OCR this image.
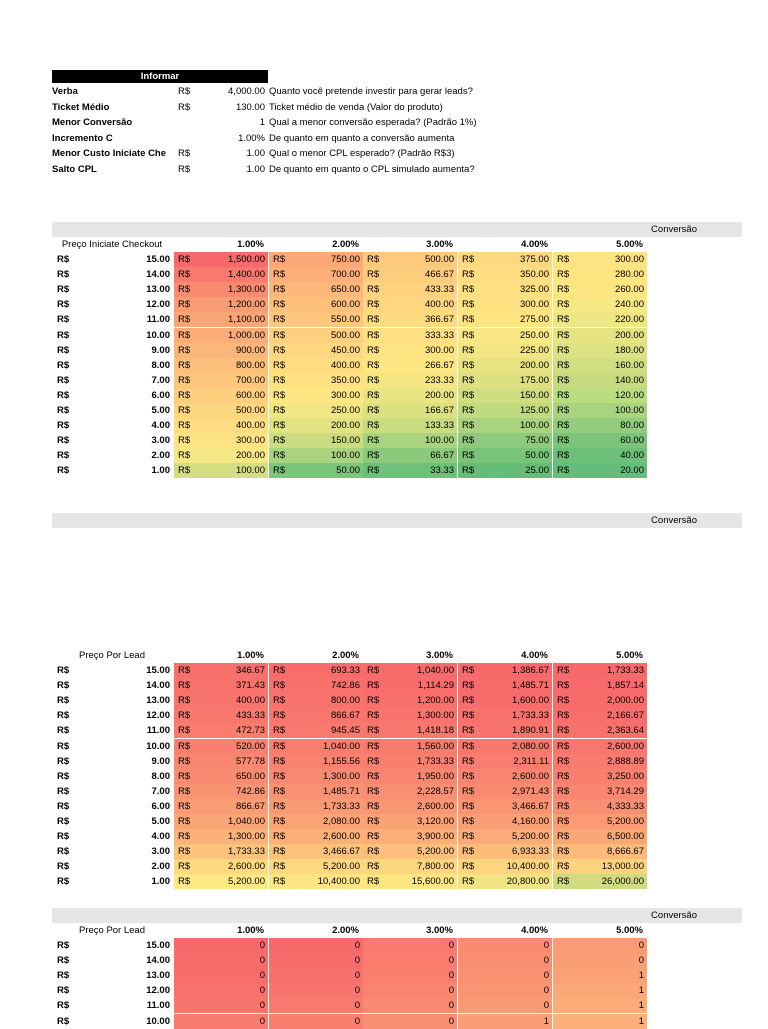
Informar
Verba	R$	4,000.00 Quanto você pretende investir para gerar leads?
Ticket Médio	R$	130.00 Ticket médio de venda (Valor do produto)
Menor Conversão	1 Qual a menor conversão esperada? (Padrão 1%)
Incremento C	1.00% De quanto em quanto a conversão aumenta
Menor Custo Iniciate Che	R$	1.00 Qual o menor CPL esperado? (Padrão R$3)
Salto CPL	R$	1.00 De quanto em quanto o CPL simulado aumenta?
Conversão
Preço Iniciate Checkout	1.00%	2.00%	3.00%	4.00%	5.00%
R$	15.00 R$	1,500.00 R$	750.00 R$	500.00 R$	375.00 R$	300.00
R$	14.00 R$	1,400.00 R$	700.00 R$	466.67 R$	350.00 R$	280.00
R$	13.00 R$	1,300.00 R$	650.00 R$	433.33 R$	325.00 R$	260.00
R$	12.00 R$	1,200.00 R$	600.00 R$	400.00 R$	300.00 R$	240.00
R$	11.00 R$	1,100.00 R$	550.00 R$	366.67 R$	275.00 R$	220.00
R$	10.00 R$	1,000.00 R$	500.00 R$	333.33 R$	250.00 R$	200.00
R$	9.00 R$	900.00 R$	450.00 R$	300.00 R$	225.00 R$	180.00
R$	8.00 R$	800.00 R$	400.00 R$	266.67 R$	200.00 R$	160.00
R$	7.00 R$	700.00 R$	350.00 R$	233.33 R$	175.00 R$	140.00
R$	6.00 R$	600.00 R$	300.00 R$	200.00 R$	150.00 R$	120.00
R$	5.00 R$	500.00 R$	250.00 R$	166.67 R$	125.00 R$	100.00
R$	4.00 R$	400.00 R$	200.00 R$	133.33 R$	100.00 R$	80.00
R$	3.00 R$	300.00 R$	150.00 R$	100.00 R$	75.00 R$	60.00
R$	2.00 R$	200.00 R$	100.00 R$	66.67 R$	50.00 R$	40.00
R$	1.00 R$	100.00 R$	50.00 R$	33.33 R$	25.00 R$	20.00
Conversão
Preço Por Lead	1.00%	2.00%	3.00%	4.00%	5.00%
R$	15.00 R$	346.67 R$	693.33 R$	1,040.00 R$	1,386.67 R$	1,733.33
R$	14.00 R$	371.43 R$	742.86 R$	1,114.29 R$	1,485.71 R$	1,857.14
R$	13.00 R$	400.00 R$	800.00 R$	1,200.00 R$	1,600.00 R$	2,000.00
R$	12.00 R$	433.33 R$	866.67 R$	1,300.00 R$	1,733.33 R$	2,166.67
R$	11.00 R$	472.73 R$	945.45 R$	1,418.18 R$	1,890.91 R$	2,363.64
R$	10.00 R$	520.00 R$	1,040.00 R$	1,560.00 R$	2,080.00 R$	2,600.00
R$	9.00 R$	577.78 R$	1,155.56 R$	1,733.33 R$	2,311.11 R$	2,888.89
R$	8.00 R$	650.00 R$	1,300.00 R$	1,950.00 R$	2,600.00 R$	3,250.00
R$	7.00 R$	742.86 R$	1,485.71 R$	2,228.57 R$	2,971.43 R$	3,714.29
R$	6.00 R$	866.67 R$	1,733.33 R$	2,600.00 R$	3,466.67 R$	4,333.33
R$	5.00 R$	1,040.00 R$	2,080.00 R$	3,120.00 R$	4,160.00 R$	5,200.00
R$	4.00 R$	1,300.00 R$	2,600.00 R$	3,900.00 R$	5,200.00 R$	6,500.00
R$	3.00 R$	1,733.33 R$	3,466.67 R$	5,200.00 R$	6,933.33 R$	8,666.67
R$	2.00 R$	2,600.00 R$	5,200.00 R$	7,800.00 R$	10,400.00 R$	13,000.00
R$	1.00 R$	5,200.00 R$	10,400.00 R$	15,600.00 R$	20,800.00 R$	26,000.00
Conversão
Preço Por Lead	1.00%	2.00%	3.00%	4.00%	5.00%
R$	15.00	0	0	0	0	0
R$	14.00	0	0	0	0	0
R$	13.00	0	0	0	0	1
R$	12.00	0	0	0	0	1
R$	11.00	0	0	0	0	1
R$	10.00	0	0	0	1	1
